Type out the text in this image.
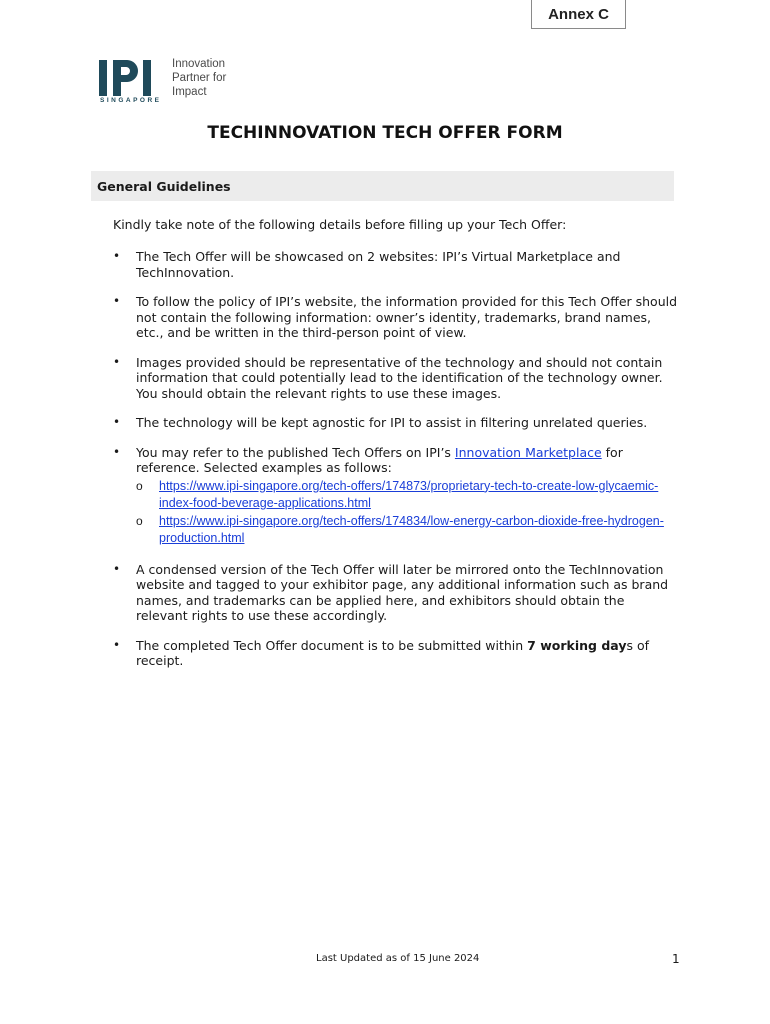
Annex C
SINGAPORE
Innovation
Partner for
Impact
TECHINNOVATION TECH OFFER FORM
General Guidelines
Kindly take note of the following details before filling up your Tech Offer:
• The Tech Offer will be showcased on 2 websites: IPI’s Virtual Marketplace and TechInnovation.
• To follow the policy of IPI’s website, the information provided for this Tech Offer should not contain the following information: owner’s identity, trademarks, brand names, etc., and be written in the third-person point of view.
• Images provided should be representative of the technology and should not contain information that could potentially lead to the identification of the technology owner. You should obtain the relevant rights to use these images.
• The technology will be kept agnostic for IPI to assist in filtering unrelated queries.
• You may refer to the published Tech Offers on IPI’s Innovation Marketplace for reference. Selected examples as follows:
o https://www.ipi-singapore.org/tech-offers/174873/proprietary-tech-to-create-low-glycaemic-index-food-beverage-applications.html
o https://www.ipi-singapore.org/tech-offers/174834/low-energy-carbon-dioxide-free-hydrogen-production.html
• A condensed version of the Tech Offer will later be mirrored onto the TechInnovation website and tagged to your exhibitor page, any additional information such as brand names, and trademarks can be applied here, and exhibitors should obtain the relevant rights to use these accordingly.
• The completed Tech Offer document is to be submitted within 7 working days of receipt.
Last Updated as of 15 June 2024	1
